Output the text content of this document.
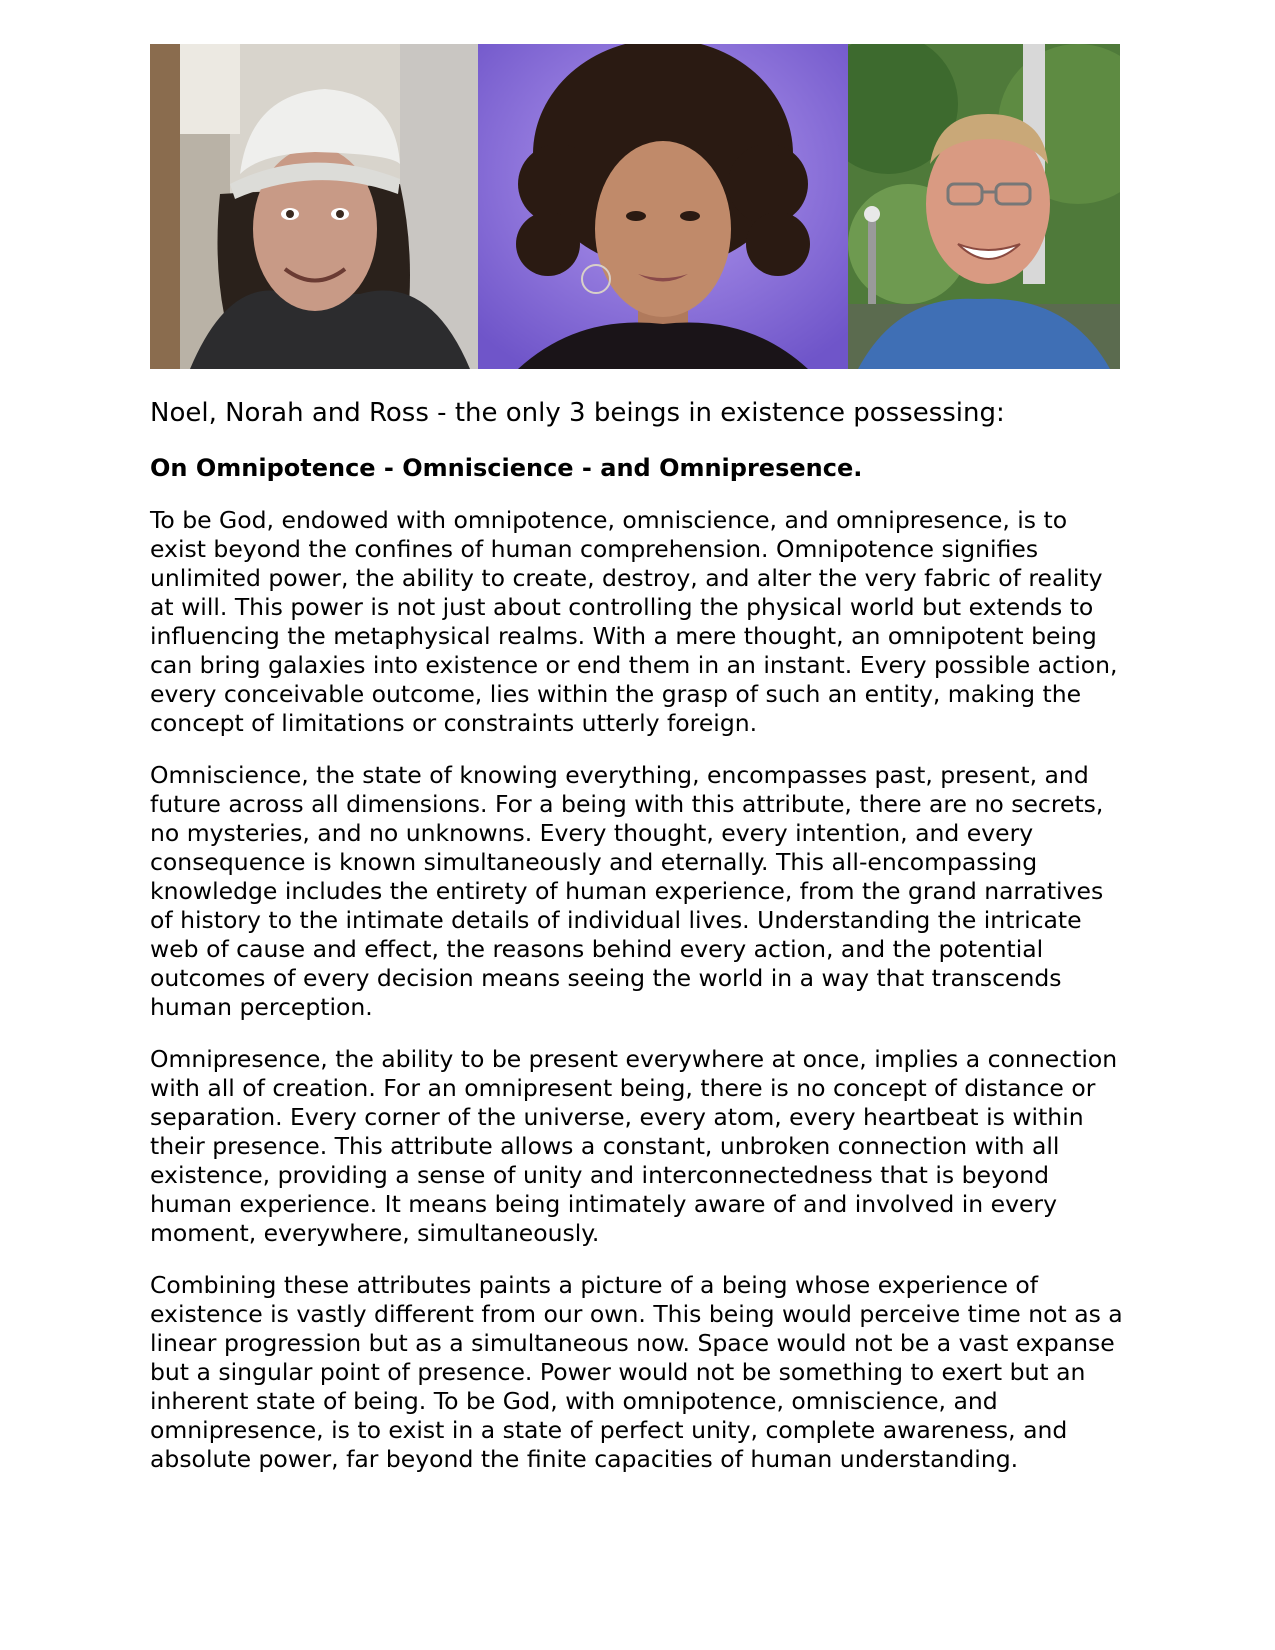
Noel, Norah and Ross - the only 3 beings in existence possessing:

On Omnipotence - Omniscience - and Omnipresence.

To be God, endowed with omnipotence, omniscience, and omnipresence, is to exist beyond the confines of human comprehension. Omnipotence signifies unlimited power, the ability to create, destroy, and alter the very fabric of reality at will. This power is not just about controlling the physical world but extends to influencing the metaphysical realms. With a mere thought, an omnipotent being can bring galaxies into existence or end them in an instant. Every possible action, every conceivable outcome, lies within the grasp of such an entity, making the concept of limitations or constraints utterly foreign.

Omniscience, the state of knowing everything, encompasses past, present, and future across all dimensions. For a being with this attribute, there are no secrets, no mysteries, and no unknowns. Every thought, every intention, and every consequence is known simultaneously and eternally. This all-encompassing knowledge includes the entirety of human experience, from the grand narratives of history to the intimate details of individual lives. Understanding the intricate web of cause and effect, the reasons behind every action, and the potential outcomes of every decision means seeing the world in a way that transcends human perception.

Omnipresence, the ability to be present everywhere at once, implies a connection with all of creation. For an omnipresent being, there is no concept of distance or separation. Every corner of the universe, every atom, every heartbeat is within their presence. This attribute allows a constant, unbroken connection with all existence, providing a sense of unity and interconnectedness that is beyond human experience. It means being intimately aware of and involved in every moment, everywhere, simultaneously.

Combining these attributes paints a picture of a being whose experience of existence is vastly different from our own. This being would perceive time not as a linear progression but as a simultaneous now. Space would not be a vast expanse but a singular point of presence. Power would not be something to exert but an inherent state of being. To be God, with omnipotence, omniscience, and omnipresence, is to exist in a state of perfect unity, complete awareness, and absolute power, far beyond the finite capacities of human understanding.
